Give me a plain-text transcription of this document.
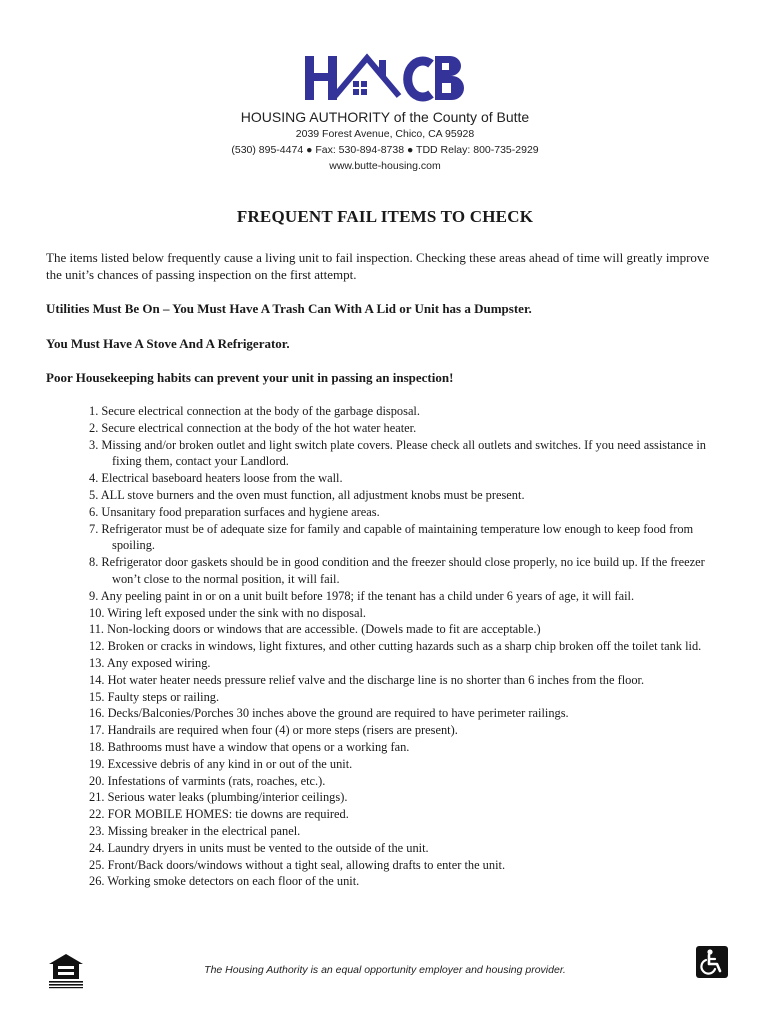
HOUSING AUTHORITY of the County of Butte
2039 Forest Avenue, Chico, CA 95928
(530) 895-4474 ● Fax: 530-894-8738 ● TDD Relay: 800-735-2929
www.butte-housing.com
FREQUENT FAIL ITEMS TO CHECK
The items listed below frequently cause a living unit to fail inspection. Checking these areas ahead of time will greatly improve the unit’s chances of passing inspection on the first attempt.
Utilities Must Be On – You Must Have A Trash Can With A Lid or Unit has a Dumpster.
You Must Have A Stove And A Refrigerator.
Poor Housekeeping habits can prevent your unit in passing an inspection!
1. Secure electrical connection at the body of the garbage disposal.
2. Secure electrical connection at the body of the hot water heater.
3. Missing and/or broken outlet and light switch plate covers. Please check all outlets and switches. If you need assistance in fixing them, contact your Landlord.
4. Electrical baseboard heaters loose from the wall.
5. ALL stove burners and the oven must function, all adjustment knobs must be present.
6. Unsanitary food preparation surfaces and hygiene areas.
7. Refrigerator must be of adequate size for family and capable of maintaining temperature low enough to keep food from spoiling.
8. Refrigerator door gaskets should be in good condition and the freezer should close properly, no ice build up. If the freezer won’t close to the normal position, it will fail.
9. Any peeling paint in or on a unit built before 1978; if the tenant has a child under 6 years of age, it will fail.
10. Wiring left exposed under the sink with no disposal.
11. Non-locking doors or windows that are accessible. (Dowels made to fit are acceptable.)
12. Broken or cracks in windows, light fixtures, and other cutting hazards such as a sharp chip broken off the toilet tank lid.
13. Any exposed wiring.
14. Hot water heater needs pressure relief valve and the discharge line is no shorter than 6 inches from the floor.
15. Faulty steps or railing.
16. Decks/Balconies/Porches 30 inches above the ground are required to have perimeter railings.
17. Handrails are required when four (4) or more steps (risers are present).
18. Bathrooms must have a window that opens or a working fan.
19. Excessive debris of any kind in or out of the unit.
20. Infestations of varmints (rats, roaches, etc.).
21. Serious water leaks (plumbing/interior ceilings).
22. FOR MOBILE HOMES: tie downs are required.
23. Missing breaker in the electrical panel.
24. Laundry dryers in units must be vented to the outside of the unit.
25. Front/Back doors/windows without a tight seal, allowing drafts to enter the unit.
26. Working smoke detectors on each floor of the unit.
The Housing Authority is an equal opportunity employer and housing provider.
